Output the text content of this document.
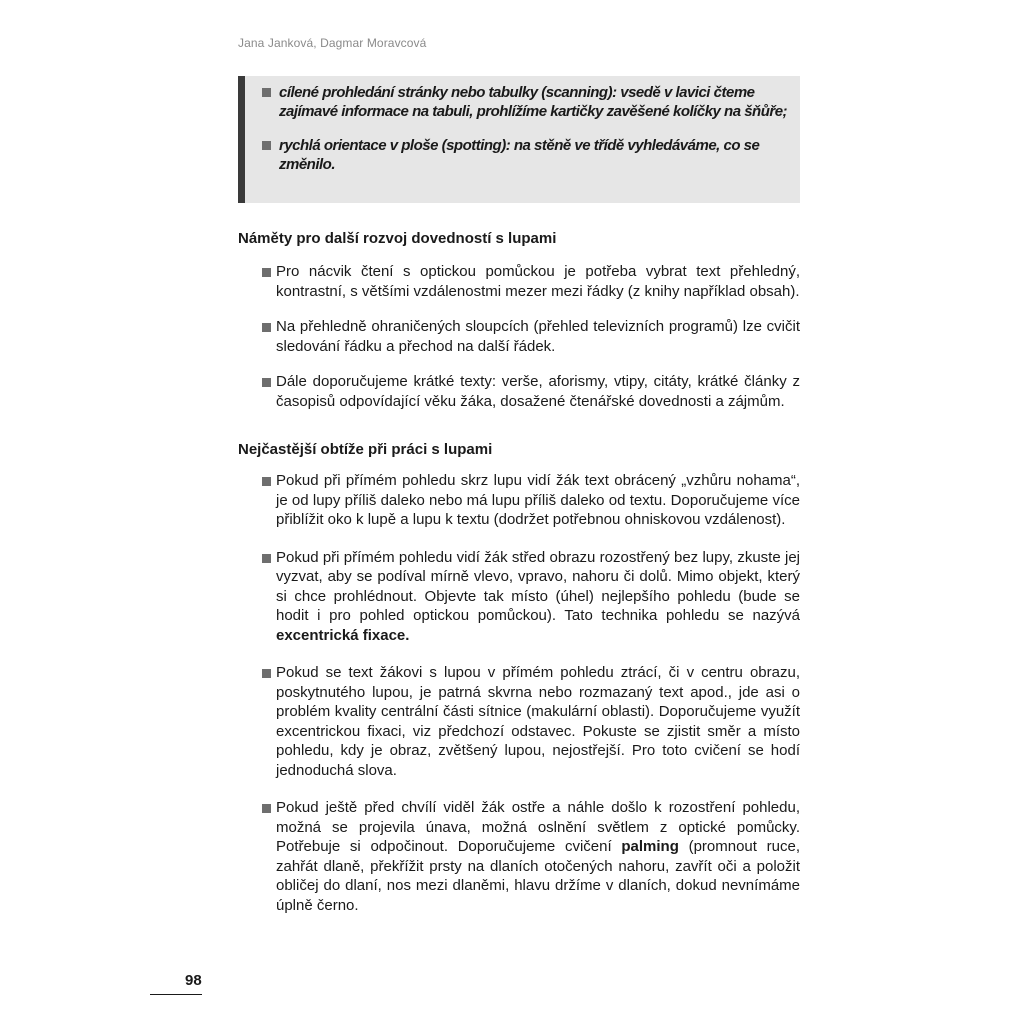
Jana Janková, Dagmar Moravcová
cílené prohledání stránky nebo tabulky (scanning): vsedě v lavici čteme zajímavé informace na tabuli, prohlížíme kartičky zavěšené kolíčky na šňůře;
rychlá orientace v ploše (spotting): na stěně ve třídě vyhledáváme, co se změnilo.
Náměty pro další rozvoj dovedností s lupami
Pro nácvik čtení s optickou pomůckou je potřeba vybrat text přehledný, kontrastní, s většími vzdálenostmi mezer mezi řádky (z knihy například obsah).
Na přehledně ohraničených sloupcích (přehled televizních programů) lze cvičit sledování řádku a přechod na další řádek.
Dále doporučujeme krátké texty: verše, aforismy, vtipy, citáty, krátké články z časopisů odpovídající věku žáka, dosažené čtenářské dovednosti a zájmům.
Nejčastější obtíže při práci s lupami
Pokud při přímém pohledu skrz lupu vidí žák text obrácený „vzhůru nohama“, je od lupy příliš daleko nebo má lupu příliš daleko od textu. Doporučujeme více přiblížit oko k lupě a lupu k textu (dodržet potřebnou ohniskovou vzdálenost).
Pokud při přímém pohledu vidí žák střed obrazu rozostřený bez lupy, zkuste jej vyzvat, aby se podíval mírně vlevo, vpravo, nahoru či dolů. Mimo objekt, který si chce prohlédnout. Objevte tak místo (úhel) nejlepšího pohledu (bude se hodit i pro pohled optickou pomůckou). Tato technika pohledu se nazývá excentrická fixace.
Pokud se text žákovi s lupou v přímém pohledu ztrácí, či v centru obrazu, poskytnutého lupou, je patrná skvrna nebo rozmazaný text apod., jde asi o problém kvality centrální části sítnice (makulární oblasti). Doporučujeme využít excentrickou fixaci, viz předchozí odstavec. Pokuste se zjistit směr a místo pohledu, kdy je obraz, zvětšený lupou, nejostřejší. Pro toto cvičení se hodí jednoduchá slova.
Pokud ještě před chvílí viděl žák ostře a náhle došlo k rozostření pohledu, možná se projevila únava, možná oslnění světlem z optické pomůcky. Potřebuje si odpočinout. Doporučujeme cvičení palming (promnout ruce, zahřát dlaně, překřížit prsty na dlaních otočených nahoru, zavřít oči a položit obličej do dlaní, nos mezi dlaněmi, hlavu držíme v dlaních, dokud nevnímáme úplně černo.
98
